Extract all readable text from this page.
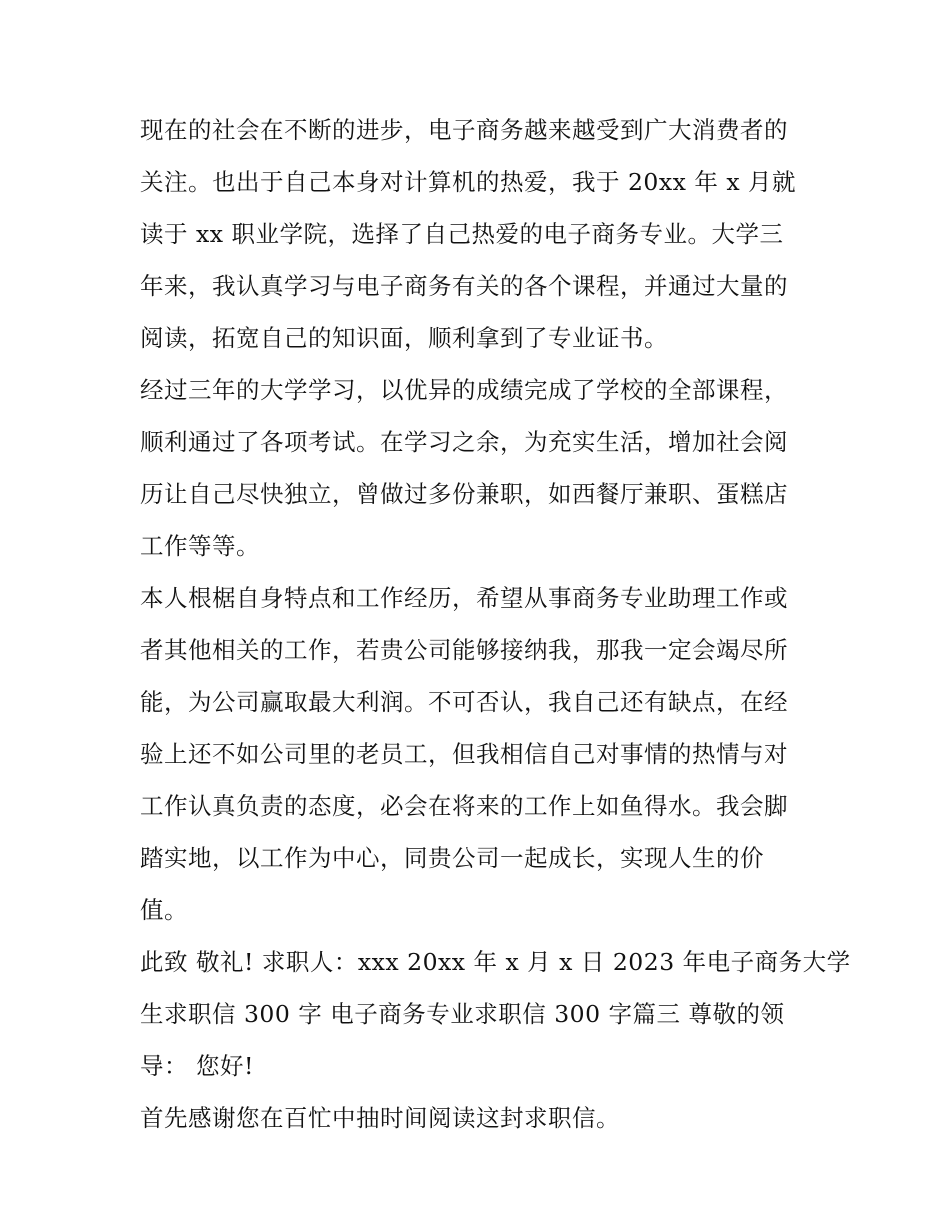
现在的社会在不断的进步，电子商务越来越受到广大消费者的
关注。也出于自己本身对计算机的热爱，我于 20xx 年 x 月就
读于 xx 职业学院，选择了自己热爱的电子商务专业。大学三
年来，我认真学习与电子商务有关的各个课程，并通过大量的
阅读，拓宽自己的知识面，顺利拿到了专业证书。
经过三年的大学学习，以优异的成绩完成了学校的全部课程，
顺利通过了各项考试。在学习之余，为充实生活，增加社会阅
历让自己尽快独立，曾做过多份兼职，如西餐厅兼职、蛋糕店
工作等等。
本人根椐自身特点和工作经历，希望从事商务专业助理工作或
者其他相关的工作，若贵公司能够接纳我，那我一定会竭尽所
能，为公司赢取最大利润。不可否认，我自己还有缺点，在经
验上还不如公司里的老员工，但我相信自己对事情的热情与对
工作认真负责的态度，必会在将来的工作上如鱼得水。我会脚
踏实地，以工作为中心，同贵公司一起成长，实现人生的价
值。
此致 敬礼! 求职人：xxx 20xx 年 x 月 x 日 2023 年电子商务大学
生求职信 300 字 电子商务专业求职信 300 字篇三 尊敬的领
导： 您好!
首先感谢您在百忙中抽时间阅读这封求职信。
